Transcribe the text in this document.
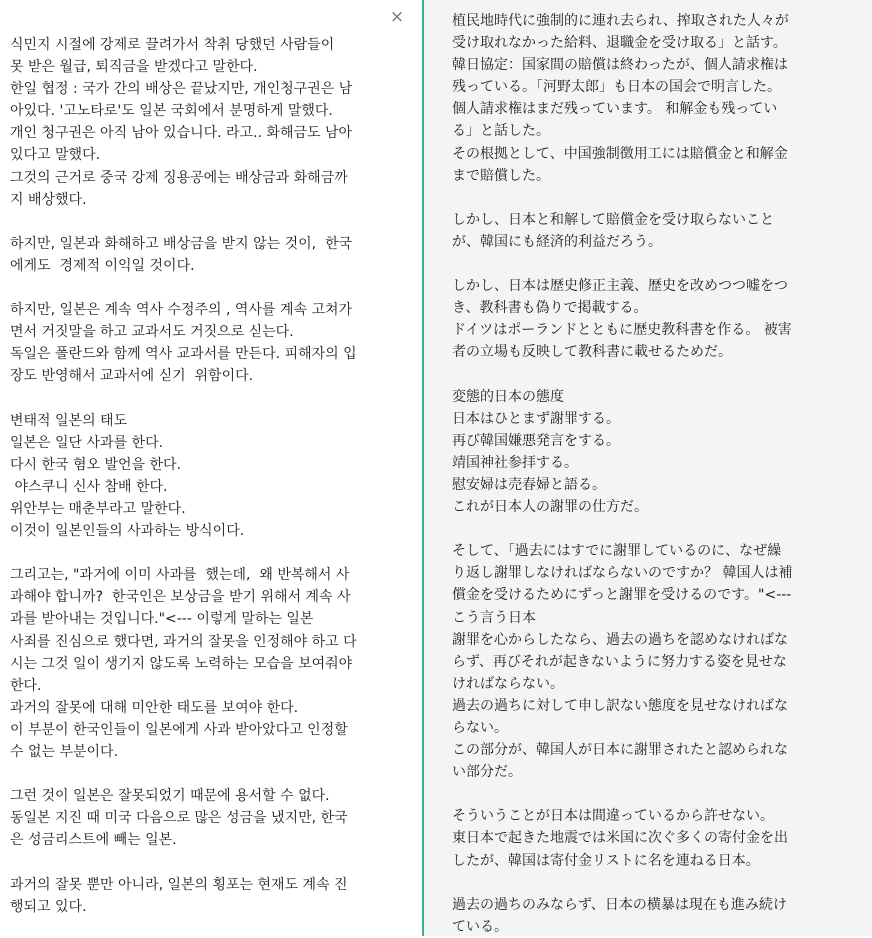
×
식민지 시절에 강제로 끌려가서 착취 당했던 사람들이
못 받은 월급, 퇴직금을 받겠다고 말한다.
한일 협정 : 국가 간의 배상은 끝났지만, 개인청구권은 남
아있다. '고노타로'도 일본 국회에서 분명하게 말했다.
개인 청구권은 아직 남아 있습니다. 라고.. 화해금도 남아
있다고 말했다.
그것의 근거로 중국 강제 징용공에는 배상금과 화해금까
지 배상했다.
하지만, 일본과 화해하고 배상금을 받지 않는 것이,  한국
에게도  경제적 이익일 것이다.
하지만, 일본은 계속 역사 수정주의 , 역사를 계속 고쳐가
면서 거짓말을 하고 교과서도 거짓으로 싣는다.
독일은 폴란드와 함께 역사 교과서를 만든다. 피해자의 입
장도 반영해서 교과서에 싣기  위함이다.
변태적 일본의 태도
일본은 일단 사과를 한다.
다시 한국 혐오 발언을 한다.
야스쿠니 신사 참배 한다.
위안부는 매춘부라고 말한다.
이것이 일본인들의 사과하는 방식이다.
그리고는, "과거에 이미 사과를  했는데,  왜 반복해서 사
과해야 합니까?  한국인은 보상금을 받기 위해서 계속 사
과를 받아내는 것입니다."<--- 이렇게 말하는 일본
사죄를 진심으로 했다면, 과거의 잘못을 인정해야 하고 다
시는 그것 일이 생기지 않도록 노력하는 모습을 보여줘야
한다.
과거의 잘못에 대해 미안한 태도를 보여야 한다.
이 부분이 한국인들이 일본에게 사과 받아았다고 인정할
수 없는 부분이다.
그런 것이 일본은 잘못되었기 때문에 용서할 수 없다.
동일본 지진 때 미국 다음으로 많은 성금을 냈지만, 한국
은 성금리스트에 빼는 일본.
과거의 잘못 뿐만 아니라, 일본의 횡포는 현재도 계속 진
행되고 있다.
植民地時代に強制的に連れ去られ、搾取された人々が
受け取れなかった給料、退職金を受け取る」と話す。
韓日協定：国家間の賠償は終わったが、個人請求権は
残っている。「河野太郎」も日本の国会で明言した。
個人請求権はまだ残っています。 和解金も残ってい
る」と話した。
その根拠として、中国強制徴用工には賠償金と和解金
まで賠償した。
しかし、日本と和解して賠償金を受け取らないこと
が、韓国にも経済的利益だろう。
しかし、日本は歴史修正主義、歴史を改めつつ嘘をつ
き、教科書も偽りで掲載する。
ドイツはポーランドとともに歴史教科書を作る。 被害
者の立場も反映して教科書に載せるためだ。
変態的日本の態度
日本はひとまず謝罪する。
再び韓国嫌悪発言をする。
靖国神社参拝する。
慰安婦は売春婦と語る。
これが日本人の謝罪の仕方だ。
そして、「過去にはすでに謝罪しているのに、なぜ繰
り返し謝罪しなければならないのですか？ 韓国人は補
償金を受けるためにずっと謝罪を受けるのです。"<---
こう言う日本
謝罪を心からしたなら、過去の過ちを認めなければな
らず、再びそれが起きないように努力する姿を見せな
ければならない。
過去の過ちに対して申し訳ない態度を見せなければな
らない。
この部分が、韓国人が日本に謝罪されたと認められな
い部分だ。
そういうことが日本は間違っているから許せない。
東日本で起きた地震では米国に次ぐ多くの寄付金を出
したが、韓国は寄付金リストに名を連ねる日本。
過去の過ちのみならず、日本の横暴は現在も進み続け
ている。
